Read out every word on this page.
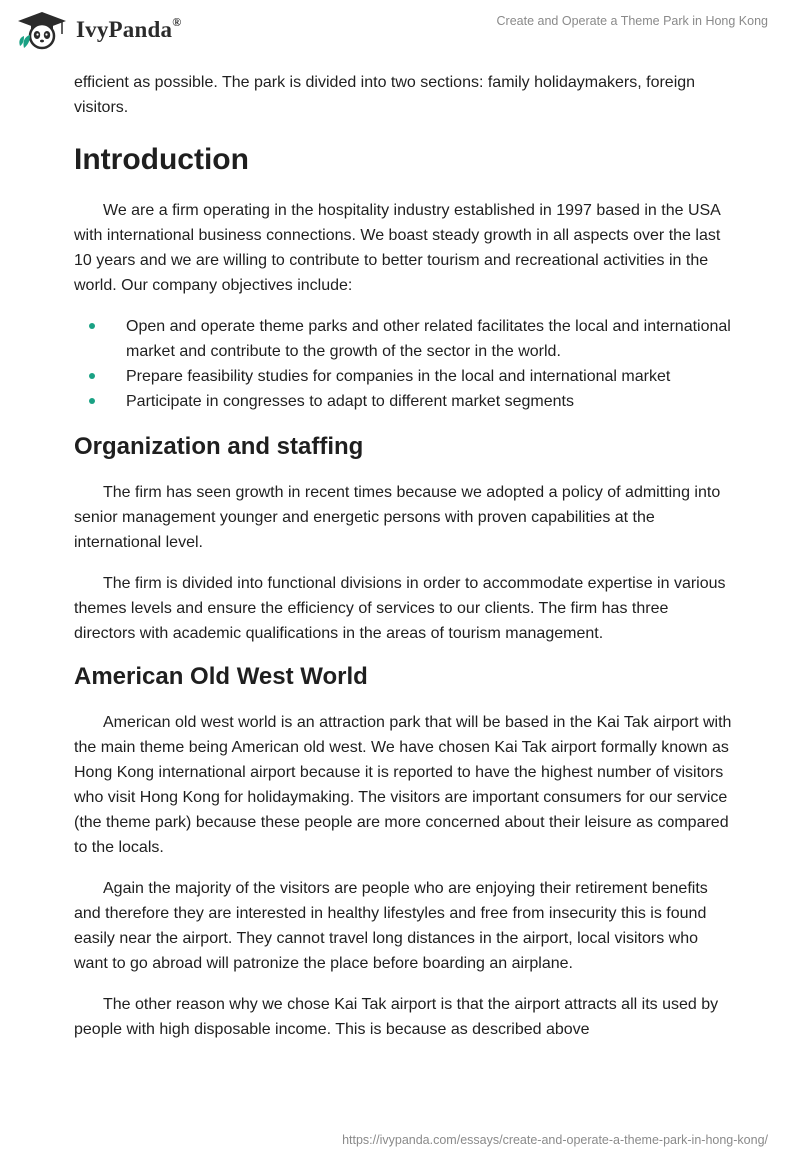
IvyPanda®	Create and Operate a Theme Park in Hong Kong

efficient as possible. The park is divided into two sections: family holidaymakers, foreign visitors.

Introduction

We are a firm operating in the hospitality industry established in 1997 based in the USA with international business connections. We boast steady growth in all aspects over the last 10 years and we are willing to contribute to better tourism and recreational activities in the world. Our company objectives include:

Open and operate theme parks and other related facilitates the local and international market and contribute to the growth of the sector in the world.
Prepare feasibility studies for companies in the local and international market
Participate in congresses to adapt to different market segments
Organization and staffing

The firm has seen growth in recent times because we adopted a policy of admitting into senior management younger and energetic persons with proven capabilities at the international level.

The firm is divided into functional divisions in order to accommodate expertise in various themes levels and ensure the efficiency of services to our clients. The firm has three directors with academic qualifications in the areas of tourism management.

American Old West World

American old west world is an attraction park that will be based in the Kai Tak airport with the main theme being American old west. We have chosen Kai Tak airport formally known as Hong Kong international airport because it is reported to have the highest number of visitors who visit Hong Kong for holidaymaking. The visitors are important consumers for our service (the theme park) because these people are more concerned about their leisure as compared to the locals.

Again the majority of the visitors are people who are enjoying their retirement benefits and therefore they are interested in healthy lifestyles and free from insecurity this is found easily near the airport. They cannot travel long distances in the airport, local visitors who want to go abroad will patronize the place before boarding an airplane.

The other reason why we chose Kai Tak airport is that the airport attracts all its used by people with high disposable income. This is because as described above

https://ivypanda.com/essays/create-and-operate-a-theme-park-in-hong-kong/
